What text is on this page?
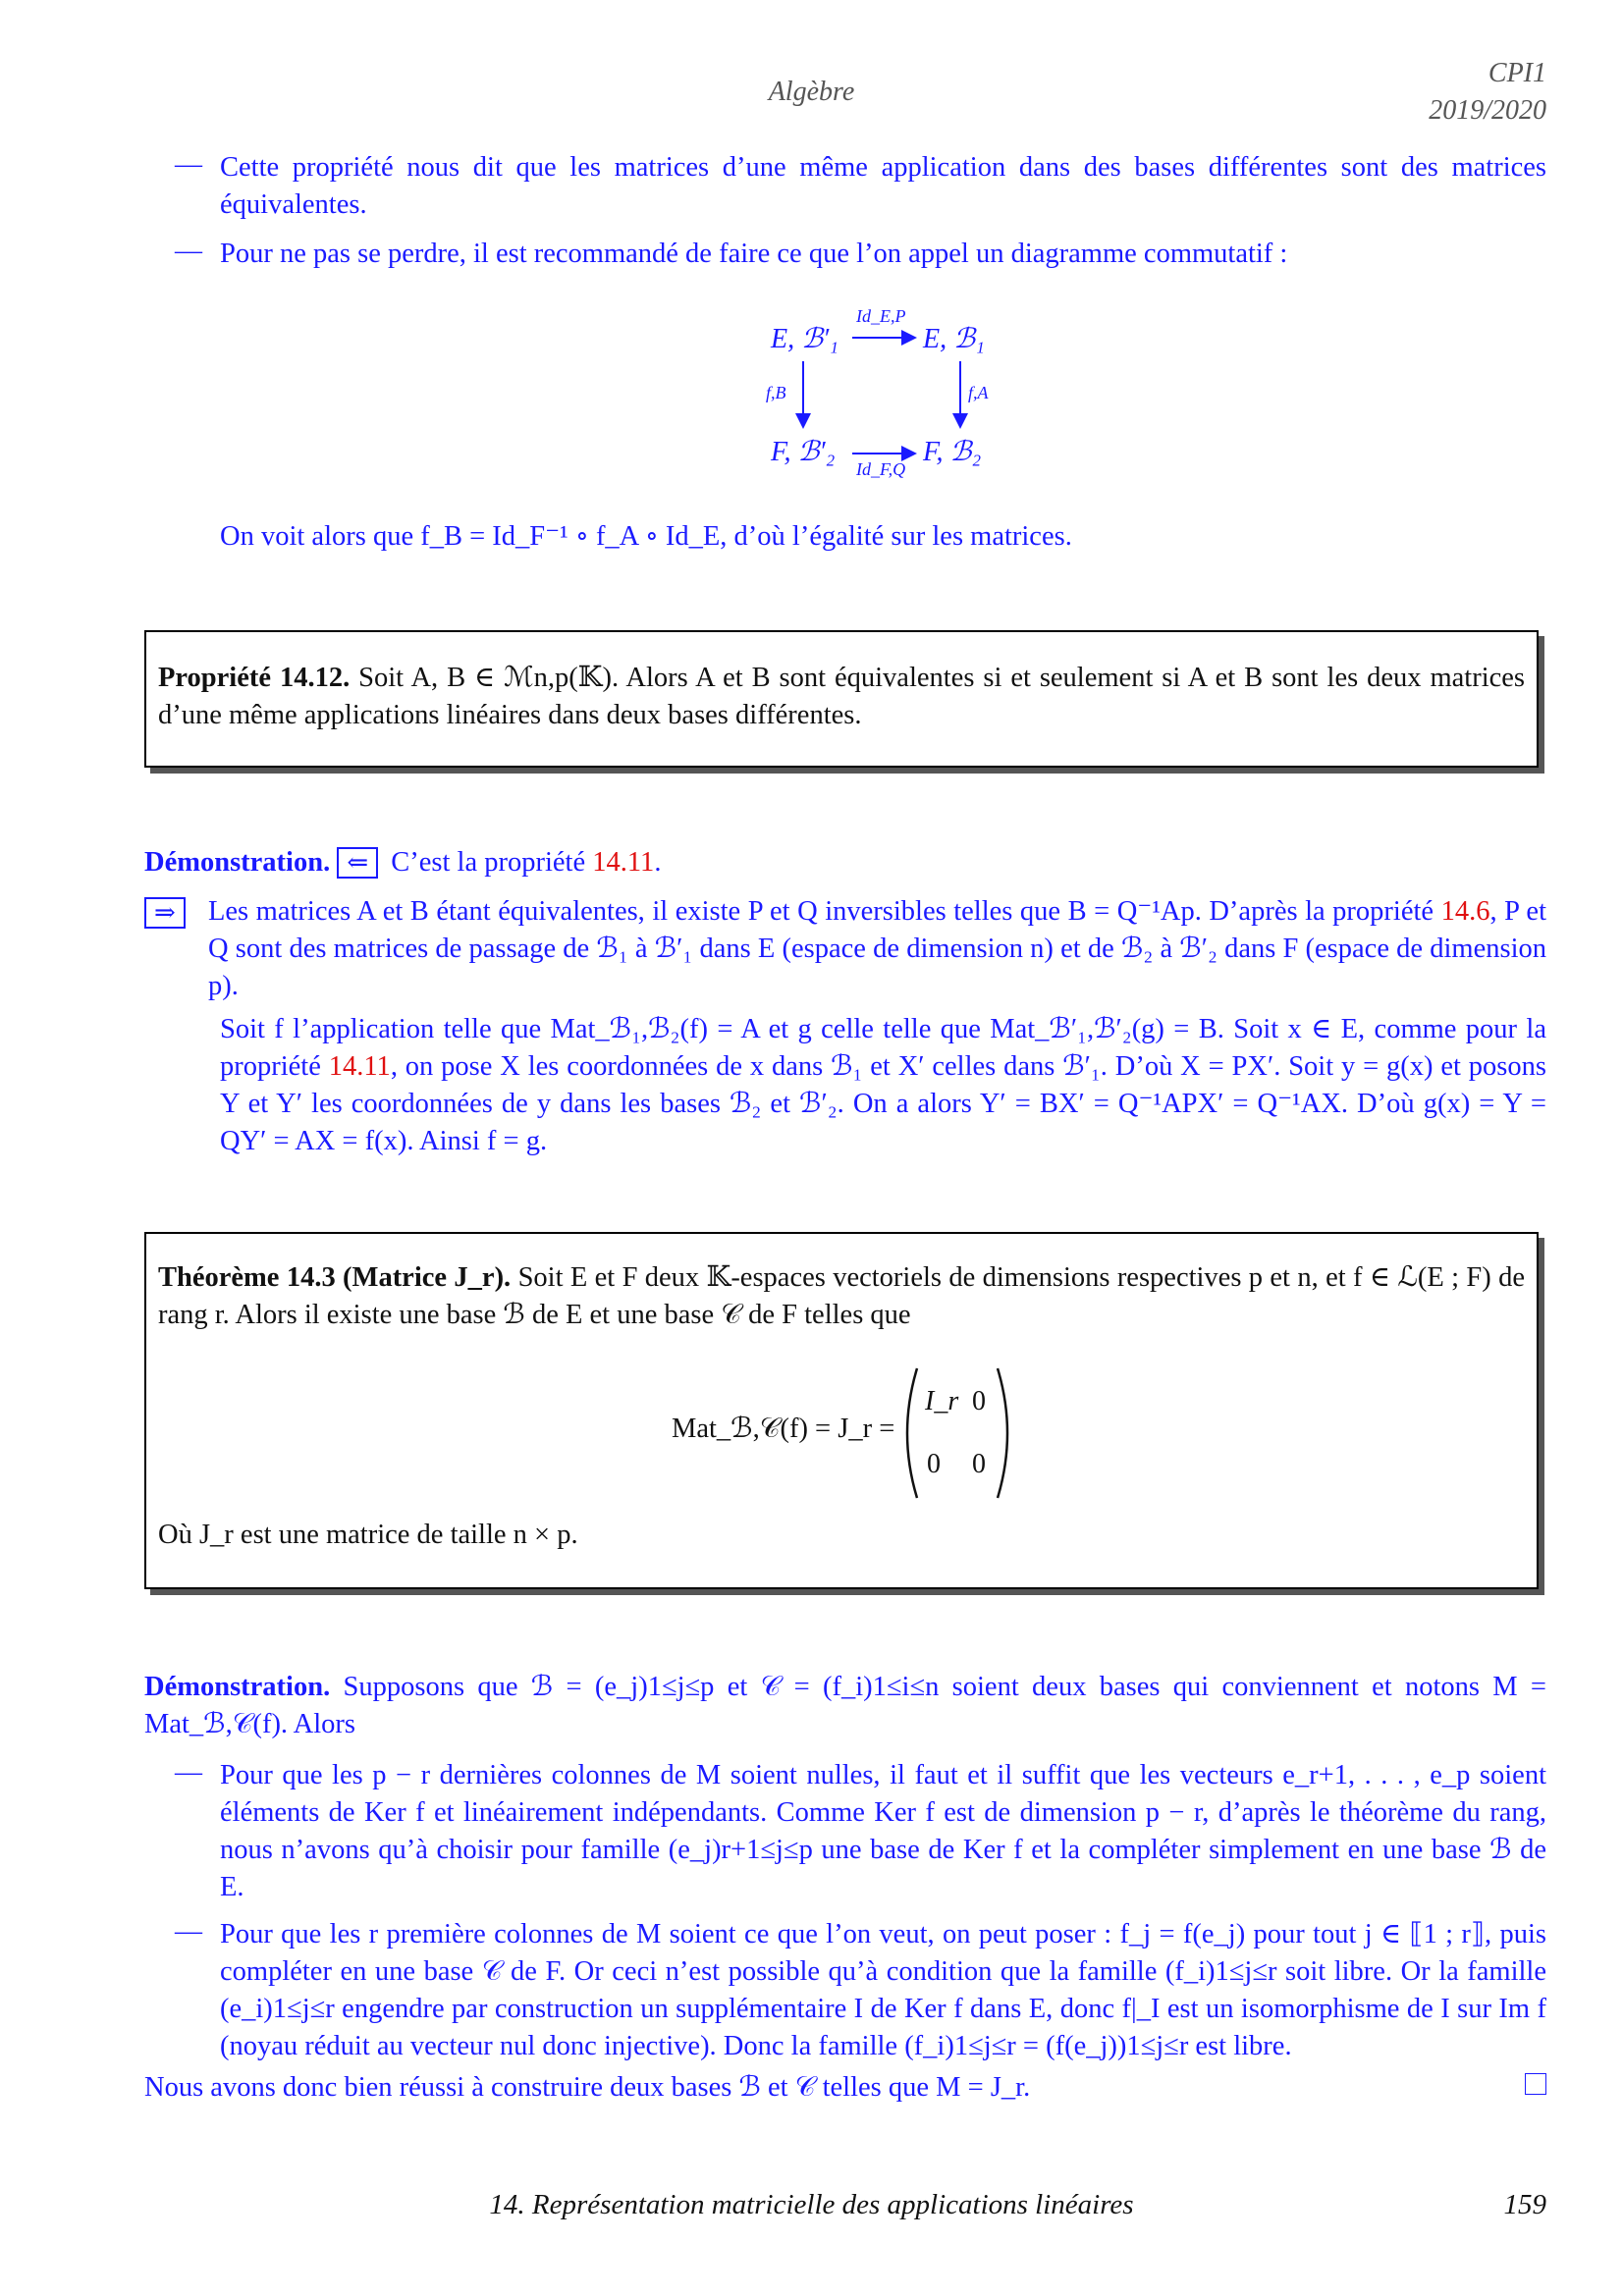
Algèbre
CPI1
2019/2020
— Cette propriété nous dit que les matrices d’une même application dans des bases différentes sont des matrices équivalentes.
— Pour ne pas se perdre, il est recommandé de faire ce que l’on appel un diagramme commutatif :
E, ℬ′₁	E, ℬ₁
F, ℬ′₂	F, ℬ₂
Id_E,P
Id_F,Q
f,B	f,A
On voit alors que f_B = Id_F⁻¹ ∘ f_A ∘ Id_E, d’où l’égalité sur les matrices.
Propriété 14.12. Soit A, B ∈ ℳn,p(𝕂). Alors A et B sont équivalentes si et seulement si A et B sont les deux matrices d’une même applications linéaires dans deux bases différentes.
Démonstration. ⇐ C’est la propriété 14.11.
⇒	Les matrices A et B étant équivalentes, il existe P et Q inversibles telles que B = Q⁻¹Ap. D’après la propriété 14.6, P et Q sont des matrices de passage de ℬ₁ à ℬ′₁ dans E (espace de dimension n) et de ℬ₂ à ℬ′₂ dans F (espace de dimension p).
Soit f l’application telle que Mat_ℬ₁,ℬ₂(f) = A et g celle telle que Mat_ℬ′₁,ℬ′₂(g) = B. Soit x ∈ E, comme pour la propriété 14.11, on pose X les coordonnées de x dans ℬ₁ et X′ celles dans ℬ′₁. D’où X = PX′. Soit y = g(x) et posons Y et Y′ les coordonnées de y dans les bases ℬ₂ et ℬ′₂. On a alors Y′ = BX′ = Q⁻¹APX′ = Q⁻¹AX. D’où g(x) = Y = QY′ = AX = f(x). Ainsi f = g.
Théorème 14.3 (Matrice J_r). Soit E et F deux 𝕂-espaces vectoriels de dimensions respectives p et n, et f ∈ ℒ(E ; F) de rang r. Alors il existe une base ℬ de E et une base 𝒞 de F telles que
Mat_ℬ,𝒞(f) = J_r =
Où J_r est une matrice de taille n × p.
I_r 0
0 0
Démonstration. Supposons que ℬ = (e_j)1≤j≤p et 𝒞 = (f_i)1≤i≤n soient deux bases qui conviennent et notons M = Mat_ℬ,𝒞(f). Alors
— Pour que les p − r dernières colonnes de M soient nulles, il faut et il suffit que les vecteurs e_r+1, . . . , e_p soient éléments de Ker f et linéairement indépendants. Comme Ker f est de dimension p − r, d’après le théorème du rang, nous n’avons qu’à choisir pour famille (e_j)r+1≤j≤p une base de Ker f et la compléter simplement en une base ℬ de E.
— Pour que les r première colonnes de M soient ce que l’on veut, on peut poser : f_j = f(e_j) pour tout j ∈ ⟦1 ; r⟧, puis compléter en une base 𝒞 de F. Or ceci n’est possible qu’à condition que la famille (f_i)1≤j≤r soit libre. Or la famille (e_i)1≤j≤r engendre par construction un supplémentaire I de Ker f dans E, donc f|_I est un isomorphisme de I sur Im f (noyau réduit au vecteur nul donc injective). Donc la famille (f_i)1≤j≤r = (f(e_j))1≤j≤r est libre.
Nous avons donc bien réussi à construire deux bases ℬ et 𝒞 telles que M = J_r.
14. Représentation matricielle des applications linéaires	159
